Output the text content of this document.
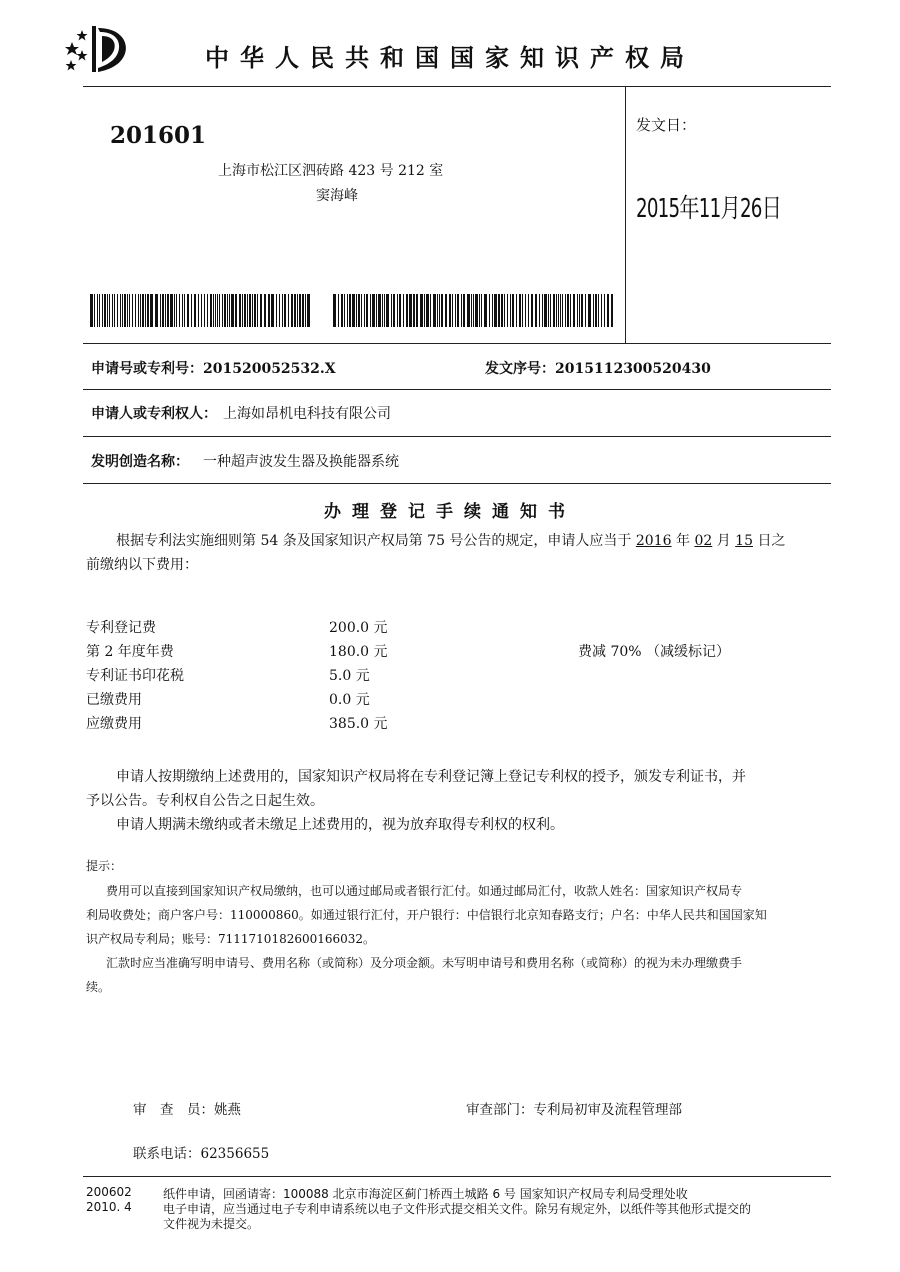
中华人民共和国国家知识产权局
201601
上海市松江区泗砖路 423 号 212 室
窦海峰
发文日：
2015年11月26日
申请号或专利号：201520052532.X	发文序号：2015112300520430
申请人或专利权人： 上海如昂机电科技有限公司
发明创造名称： 一种超声波发生器及换能器系统
办理登记手续通知书
根据专利法实施细则第 54 条及国家知识产权局第 75 号公告的规定，申请人应当于 2016 年 02 月 15 日之
前缴纳以下费用：
专利登记费	200.0 元
第 2 年度年费	180.0 元	费减 70% （减缓标记）
专利证书印花税	5.0 元
已缴费用	0.0 元
应缴费用	385.0 元
申请人按期缴纳上述费用的，国家知识产权局将在专利登记簿上登记专利权的授予，颁发专利证书，并
予以公告。专利权自公告之日起生效。
申请人期满未缴纳或者未缴足上述费用的，视为放弃取得专利权的权利。
提示：
费用可以直接到国家知识产权局缴纳，也可以通过邮局或者银行汇付。如通过邮局汇付，收款人姓名：国家知识产权局专
利局收费处；商户客户号：110000860。如通过银行汇付，开户银行：中信银行北京知春路支行；户名：中华人民共和国国家知
识产权局专利局；账号：7111710182600166032。
汇款时应当准确写明申请号、费用名称（或简称）及分项金额。未写明申请号和费用名称（或简称）的视为未办理缴费手
续。
审　查　员：姚燕	审查部门：专利局初审及流程管理部
联系电话：62356655
200602
2010. 4
纸件申请，回函请寄：100088 北京市海淀区蓟门桥西土城路 6 号 国家知识产权局专利局受理处收
电子申请，应当通过电子专利申请系统以电子文件形式提交相关文件。除另有规定外，以纸件等其他形式提交的
文件视为未提交。
